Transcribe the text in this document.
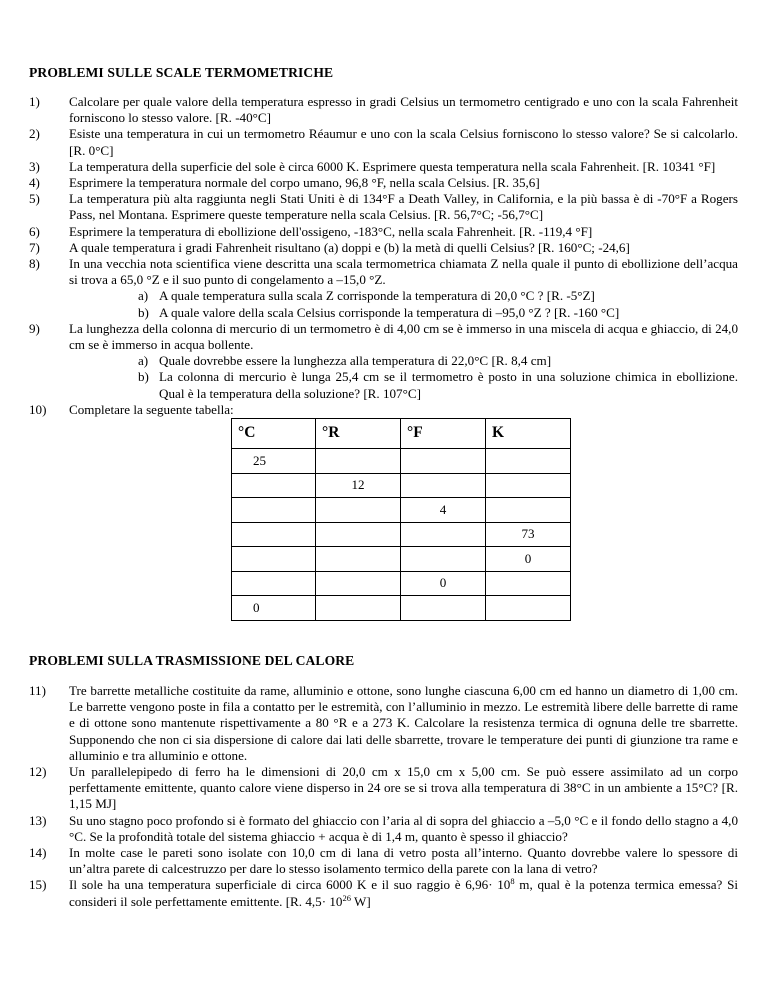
PROBLEMI SULLE SCALE TERMOMETRICHE
1) Calcolare per quale valore della temperatura espresso in gradi Celsius un termometro centigrado e uno con la scala Fahrenheit forniscono lo stesso valore. [R. -40°C]
2) Esiste una temperatura in cui un termometro Réaumur e uno con la scala Celsius forniscono lo stesso valore? Se si calcolarlo. [R. 0°C]
3) La temperatura della superficie del sole è circa 6000 K. Esprimere questa temperatura nella scala Fahrenheit. [R. 10341 °F]
4) Esprimere la temperatura normale del corpo umano, 96,8 °F, nella scala Celsius. [R. 35,6]
5) La temperatura più alta raggiunta negli Stati Uniti è di 134°F a Death Valley, in California, e la più bassa è di -70°F a Rogers Pass, nel Montana. Esprimere queste temperature nella scala Celsius. [R. 56,7°C; -56,7°C]
6) Esprimere la temperatura di ebollizione dell'ossigeno, -183°C, nella scala Fahrenheit. [R. -119,4 °F]
7) A quale temperatura i gradi Fahrenheit risultano (a) doppi e (b) la metà di quelli Celsius? [R. 160°C; -24,6]
8) In una vecchia nota scientifica viene descritta una scala termometrica chiamata Z nella quale il punto di ebollizione dell’acqua si trova a 65,0 °Z e il suo punto di congelamento a –15,0 °Z.
a) A quale temperatura sulla scala Z corrisponde la temperatura di 20,0 °C ? [R. -5°Z]
b) A quale valore della scala Celsius corrisponde la temperatura di –95,0 °Z ? [R. -160 °C]
9) La lunghezza della colonna di mercurio di un termometro è di 4,00 cm se è immerso in una miscela di acqua e ghiaccio, di 24,0 cm se è immerso in acqua bollente.
a) Quale dovrebbe essere la lunghezza alla temperatura di 22,0°C [R. 8,4 cm]
b) La colonna di mercurio è lunga 25,4 cm se il termometro è posto in una soluzione chimica in ebollizione. Qual è la temperatura della soluzione? [R. 107°C]
10) Completare la seguente tabella:
°C	°R	°F	K
25			
	12		
		4	
			73
			0
		0	
0			
PROBLEMI SULLA TRASMISSIONE DEL CALORE
11) Tre barrette metalliche costituite da rame, alluminio e ottone, sono lunghe ciascuna 6,00 cm ed hanno un diametro di 1,00 cm. Le barrette vengono poste in fila a contatto per le estremità, con l’alluminio in mezzo. Le estremità libere delle barrette di rame e di ottone sono mantenute rispettivamente a 80 °R e a 273 K. Calcolare la resistenza termica di ognuna delle tre sbarrette. Supponendo che non ci sia dispersione di calore dai lati delle sbarrette, trovare le temperature dei punti di giunzione tra rame e alluminio e tra alluminio e ottone.
12) Un parallelepipedo di ferro ha le dimensioni di 20,0 cm x 15,0 cm x 5,00 cm. Se può essere assimilato ad un corpo perfettamente emittente, quanto calore viene disperso in 24 ore se si trova alla temperatura di 38°C in un ambiente a 15°C? [R. 1,15 MJ]
13) Su uno stagno poco profondo si è formato del ghiaccio con l’aria al di sopra del ghiaccio a –5,0 °C e il fondo dello stagno a 4,0 °C. Se la profondità totale del sistema ghiaccio + acqua è di 1,4 m, quanto è spesso il ghiaccio?
14) In molte case le pareti sono isolate con 10,0 cm di lana di vetro posta all’interno. Quanto dovrebbe valere lo spessore di un’altra parete di calcestruzzo per dare lo stesso isolamento termico della parete con la lana di vetro?
15) Il sole ha una temperatura superficiale di circa 6000 K e il suo raggio è $6,96\cdot 10^8$ m, qual è la potenza termica emessa? Si consideri il sole perfettamente emittente. [R. $4,5\cdot 10^{26}$ W]
